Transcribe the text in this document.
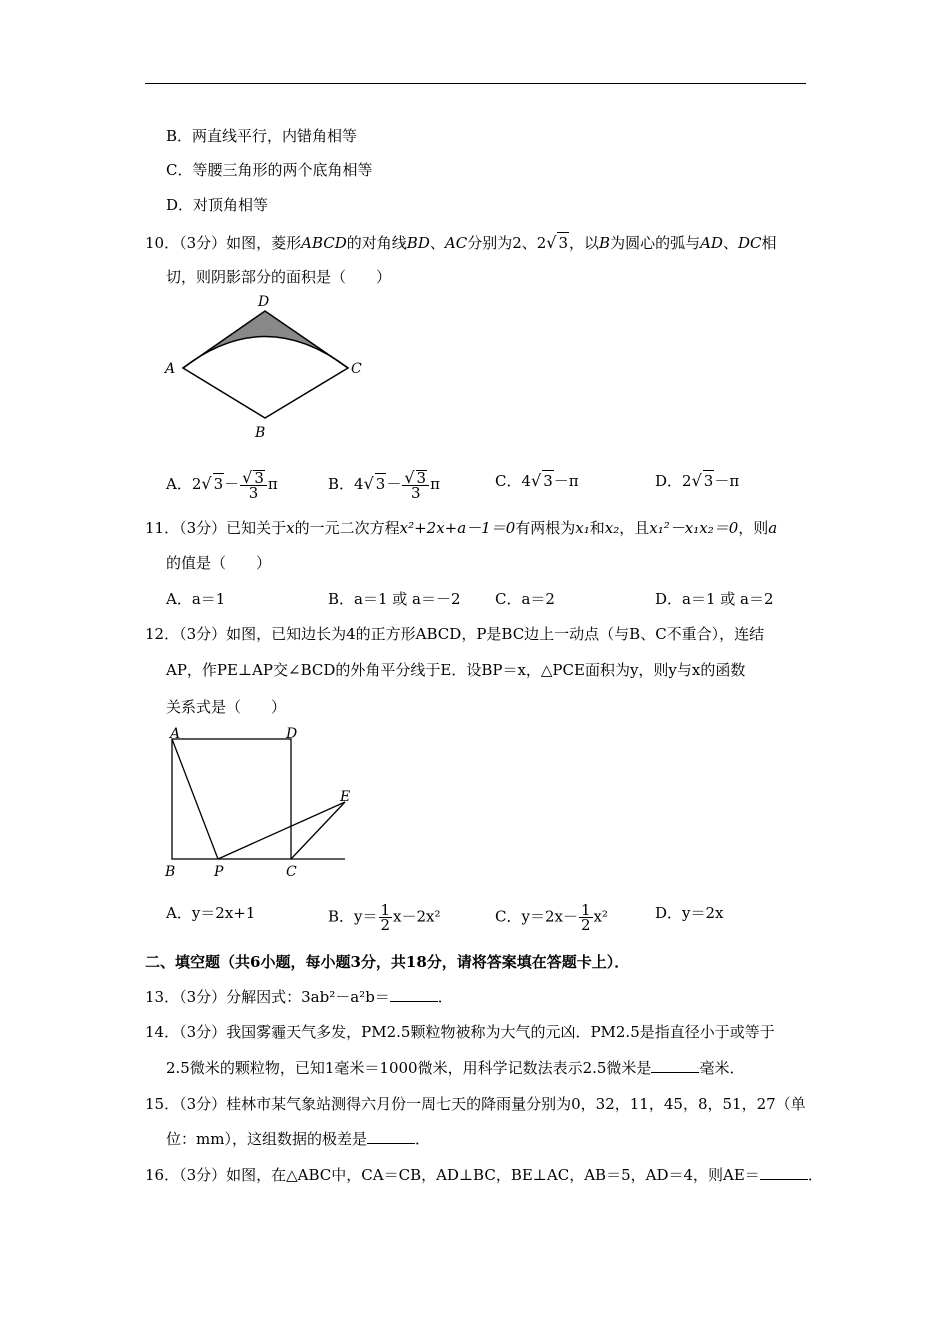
B．两直线平行，内错角相等
C．等腰三角形的两个底角相等
D．对顶角相等
10．（3分）如图，菱形ABCD的对角线BD、AC分别为2、2√ 3，以B为圆心的弧与AD、DC相
切，则阴影部分的面积是（　　）
D
A	C
B
A．2√ $3- \frac{√ 3}{3}$ π	B．4√ $3- \frac{√ 3}{3}$ π	C．4√ 3－π	D．2√ 3－π
11．（3分）已知关于x的一元二次方程x²+2x+a－1＝0有两根为x₁和x₂，且x₁²－x₁x₂＝0，则a
的值是（　　）
A．a＝1	B．a＝1 或 a＝－2 C．a＝2	D．a＝1 或 a＝2
12．（3分）如图，已知边长为4的正方形ABCD，P是BC边上一动点（与B、C不重合），连结
AP，作PE⊥AP交∠BCD的外角平分线于E．设BP＝x，△PCE面积为y，则y与x的函数
关系式是（　　）
A	D
E
B	P	C
A．y＝2x+1	B．$y= \frac{1}{2} x-2x^2$	C．$y=2x- \frac{1}{2} x^2$	D．y＝2x
二、填空题（共6小题，每小题3分，共18分，请将答案填在答题卡上）．
13．（3分）分解因式：3ab²－a²b＝	．
14．（3分）我国雾霾天气多发，PM2.5颗粒物被称为大气的元凶．PM2.5是指直径小于或等于
2.5微米的颗粒物，已知1毫米＝1000微米，用科学记数法表示2.5微米是	毫米．
15．（3分）桂林市某气象站测得六月份一周七天的降雨量分别为0，32，11，45，8，51，27（单
位：mm），这组数据的极差是	．
16．（3分）如图，在△ABC中，CA＝CB，AD⊥BC，BE⊥AC，AB＝5，AD＝4，则AE＝	．
